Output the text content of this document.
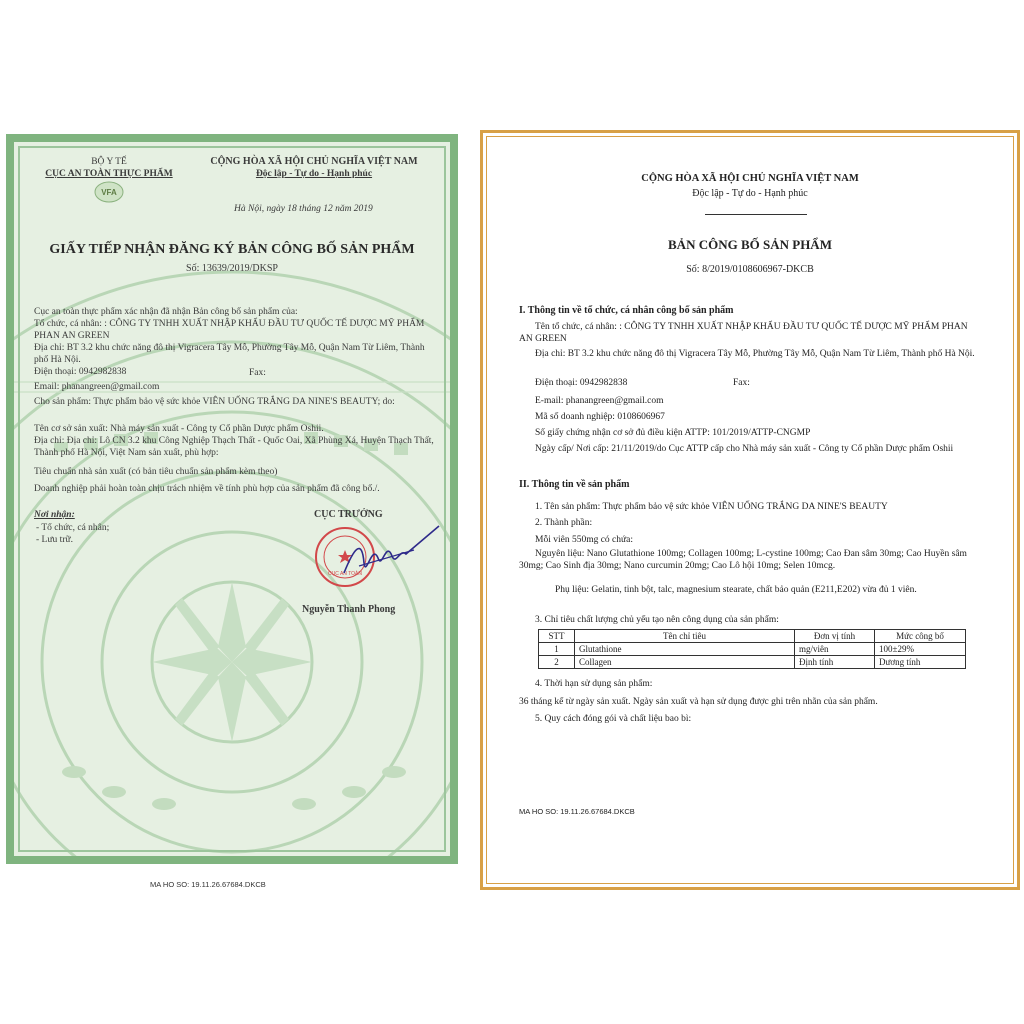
BỘ Y TẾ
CỤC AN TOÀN THỰC PHẨM
VFA
CỘNG HÒA XÃ HỘI CHỦ NGHĨA VIỆT NAM
Độc lập - Tự do - Hạnh phúc
Hà Nội, ngày 18 tháng 12 năm 2019
GIẤY TIẾP NHẬN ĐĂNG KÝ BẢN CÔNG BỐ SẢN PHẨM
Số: 13639/2019/DKSP
Cục an toàn thực phẩm xác nhận đã nhận Bản công bố sản phẩm của:
Tổ chức, cá nhân: : CÔNG TY TNHH XUẤT NHẬP KHẨU ĐẦU TƯ QUỐC TẾ DƯỢC MỸ PHẨM PHAN AN GREEN
Địa chỉ: BT 3.2 khu chức năng đô thị Vigracera Tây Mỗ, Phường Tây Mỗ, Quận Nam Từ Liêm, Thành phố Hà Nội.
Điện thoại: 0942982838	Fax:
Email: phanangreen@gmail.com
Cho sản phẩm: Thực phẩm bảo vệ sức khỏe VIÊN UỐNG TRẮNG DA NINE'S BEAUTY; do:
Tên cơ sở sản xuất: Nhà máy sản xuất - Công ty Cổ phần Dược phẩm Oshii.
Địa chỉ: Địa chỉ: Lô CN 3.2 khu Công Nghiệp Thạch Thất - Quốc Oai, Xã Phùng Xá, Huyện Thạch Thất, Thành phố Hà Nội, Việt Nam sản xuất, phù hợp:
Tiêu chuẩn nhà sản xuất (có bản tiêu chuẩn sản phẩm kèm theo)
Doanh nghiệp phải hoàn toàn chịu trách nhiệm về tính phù hợp của sản phẩm đã công bố./.
Nơi nhận:
- Tổ chức, cá nhân;
- Lưu trữ.
CỤC TRƯỞNG
CỤC AN TOÀN
Nguyễn Thanh Phong
MA HO SO: 19.11.26.67684.DKCB
CỘNG HÒA XÃ HỘI CHỦ NGHĨA VIỆT NAM
Độc lập - Tự do - Hạnh phúc
BẢN CÔNG BỐ SẢN PHẨM
Số: 8/2019/0108606967-DKCB
I. Thông tin về tổ chức, cá nhân công bố sản phẩm
Tên tổ chức, cá nhân: : CÔNG TY TNHH XUẤT NHẬP KHẨU ĐẦU TƯ QUỐC TẾ DƯỢC MỸ PHẨM PHAN AN GREEN
Địa chỉ: BT 3.2 khu chức năng đô thị Vigracera Tây Mỗ, Phường Tây Mỗ, Quận Nam Từ Liêm, Thành phố Hà Nội.
Điện thoại: 0942982838	Fax:
E-mail: phanangreen@gmail.com
Mã số doanh nghiệp: 0108606967
Số giấy chứng nhận cơ sở đủ điều kiện ATTP: 101/2019/ATTP-CNGMP
Ngày cấp/ Nơi cấp: 21/11/2019/do Cục ATTP cấp cho Nhà máy sản xuất - Công ty Cổ phần Dược phẩm Oshii
II. Thông tin về sản phẩm
1. Tên sản phẩm: Thực phẩm bảo vệ sức khỏe VIÊN UỐNG TRẮNG DA NINE'S BEAUTY
2. Thành phần:
Mỗi viên 550mg có chứa:
Nguyên liệu: Nano Glutathione 100mg; Collagen 100mg; L-cystine 100mg; Cao Đan sâm 30mg; Cao Huyền sâm 30mg; Cao Sinh địa 30mg; Nano curcumin 20mg; Cao Lô hội 10mg; Selen 10mcg.
Phụ liệu: Gelatin, tinh bột, talc, magnesium stearate, chất bảo quản (E211,E202) vừa đủ 1 viên.
3. Chỉ tiêu chất lượng chủ yếu tạo nên công dụng của sản phẩm:
STT	Tên chỉ tiêu	Đơn vị tính	Mức công bố
1	Glutathione	mg/viên	100±29%
2	Collagen	Định tính	Dương tính
4. Thời hạn sử dụng sản phẩm:
36 tháng kể từ ngày sản xuất. Ngày sản xuất và hạn sử dụng được ghi trên nhãn của sản phẩm.
5. Quy cách đóng gói và chất liệu bao bì:
MA HO SO: 19.11.26.67684.DKCB
